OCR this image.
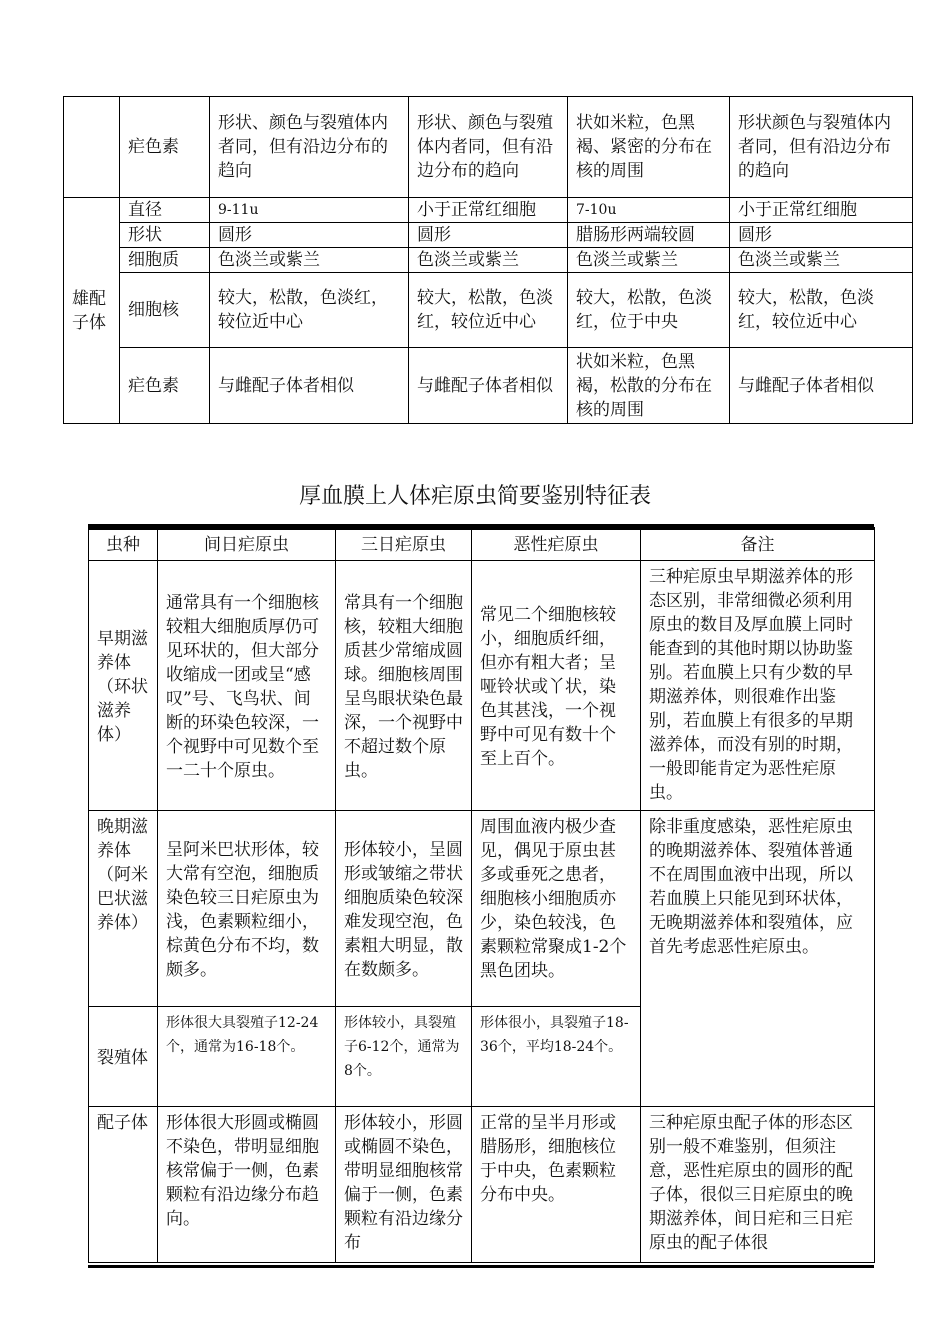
	疟色素	形状、颜色与裂殖体内者同，但有沿边分布的趋向	形状、颜色与裂殖体内者同，但有沿边分布的趋向	状如米粒，色黑褐、紧密的分布在核的周围	形状颜色与裂殖体内者同，但有沿边分布的趋向
雄配子体	直径	9-11u	小于正常红细胞	7-10u	小于正常红细胞
	形状	圆形	圆形	腊肠形两端较圆	圆形
	细胞质	色淡兰或紫兰	色淡兰或紫兰	色淡兰或紫兰	色淡兰或紫兰
	细胞核	较大，松散，色淡红，较位近中心	较大，松散，色淡红，较位近中心	较大，松散，色淡红，位于中央	较大，松散，色淡红，较位近中心
	疟色素	与雌配子体者相似	与雌配子体者相似	状如米粒，色黑褐，松散的分布在核的周围	与雌配子体者相似
厚血膜上人体疟原虫简要鉴别特征表
虫种	间日疟原虫	三日疟原虫	恶性疟原虫	备注
早期滋养体（环状滋养体）	通常具有一个细胞核较粗大细胞质厚仍可见环状的，但大部分收缩成一团或呈“感叹”号、飞鸟状、间断的环染色较深，一个视野中可见数个至一二十个原虫。	常具有一个细胞核，较粗大细胞质甚少常缩成圆球。细胞核周围呈鸟眼状染色最深，一个视野中不超过数个原虫。	常见二个细胞核较小，细胞质纤细，但亦有粗大者；呈哑铃状或丫状，染色其甚浅，一个视野中可见有数十个至上百个。	三种疟原虫早期滋养体的形态区别，非常细微必须利用原虫的数目及厚血膜上同时能查到的其他时期以协助鉴别。若血膜上只有少数的早期滋养体，则很难作出鉴别，若血膜上有很多的早期滋养体，而没有别的时期，一般即能肯定为恶性疟原虫。
晚期滋养体（阿米巴状滋养体）	呈阿米巴状形体，较大常有空泡，细胞质染色较三日疟原虫为浅，色素颗粒细小，棕黄色分布不均，数颇多。	形体较小，呈圆形或皱缩之带状细胞质染色较深难发现空泡，色素粗大明显，散在数颇多。	周围血液内极少查见，偶见于原虫甚多或垂死之患者，细胞核小细胞质亦少，染色较浅，色素颗粒常聚成1-2个黑色团块。	除非重度感染，恶性疟原虫的晚期滋养体、裂殖体普通不在周围血液中出现，所以若血膜上只能见到环状体，无晚期滋养体和裂殖体，应首先考虑恶性疟原虫。
裂殖体	形体很大具裂殖子12-24个，通常为16-18个。	形体较小，具裂殖子6-12个，通常为8个。	形体很小，具裂殖子18-36个，平均18-24个。	
配子体	形体很大形圆或椭圆不染色，带明显细胞核常偏于一侧，色素颗粒有沿边缘分布趋向。	形体较小，形圆或椭圆不染色，带明显细胞核常偏于一侧，色素颗粒有沿边缘分布	正常的呈半月形或腊肠形，细胞核位于中央，色素颗粒分布中央。	三种疟原虫配子体的形态区别一般不难鉴别，但须注意，恶性疟原虫的圆形的配子体，很似三日疟原虫的晚期滋养体，间日疟和三日疟原虫的配子体很
